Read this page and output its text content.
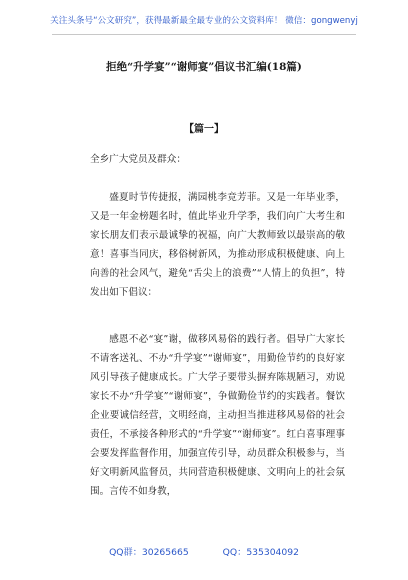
关注头条号“公文研究”，获得最新最全最专业的公文资料库！ 微信：gongwenyj
拒绝“升学宴”“谢师宴”倡议书汇编(18篇)
【篇一】
全乡广大党员及群众：

盛夏时节传捷报，满园桃李竞芳菲。又是一年毕业季，又是一年金榜题名时，值此毕业升学季，我们向广大考生和家长朋友们表示最诚挚的祝福，向广大教师致以最崇高的敬意！喜事当同庆，移俗树新风，为推动形成积极健康、向上向善的社会风气，避免“舌尖上的浪费”“人情上的负担”，特发出如下倡议：

感恩不必“宴”谢，做移风易俗的践行者。倡导广大家长不请客送礼、不办“升学宴”“谢师宴”，用勤俭节约的良好家风引导孩子健康成长。广大学子要带头摒弃陈规陋习，劝说家长不办“升学宴”“谢师宴”，争做勤俭节约的实践者。餐饮企业要诚信经营，文明经商，主动担当推进移风易俗的社会责任，不承接各种形式的“升学宴”“谢师宴”。红白喜事理事会要发挥监督作用，加强宣传引导，动员群众积极参与，当好文明新风监督员，共同营造积极健康、文明向上的社会氛围。言传不如身教，

QQ群：30265665	QQ：535304092
